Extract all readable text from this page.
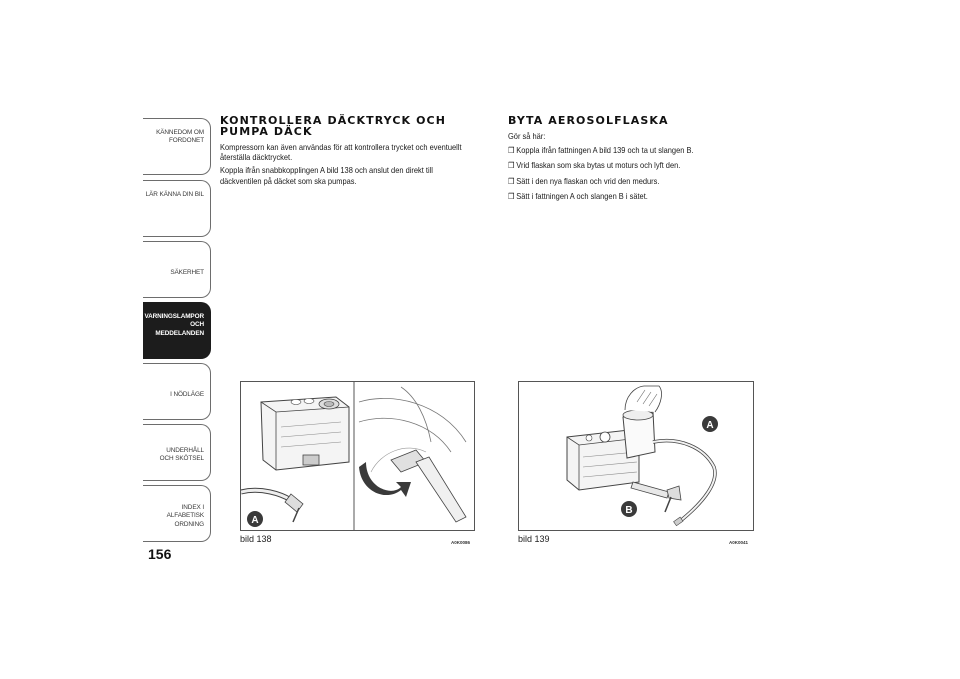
KÄNNEDOM OM FORDONET
LÄR KÄNNA DIN BIL
SÄKERHET
VARNINGSLAMPOR OCH MEDDELANDEN
I NÖDLÄGE
UNDERHÅLL OCH SKÖTSEL
INDEX I ALFABETISK ORDNING
156
KONTROLLERA DÄCKTRYCK OCH PUMPA DÄCK

Kompressorn kan även användas för att kontrollera trycket och eventuellt återställa däcktrycket.

Koppla ifrån snabbkopplingen A bild 138 och anslut den direkt till däckventilen på däcket som ska pumpas.

BYTA AEROSOLFLASKA

Gör så här:

❒ Koppla ifrån fattningen A bild 139 och ta ut slangen B.

❒ Vrid flaskan som ska bytas ut moturs och lyft den.

❒ Sätt i den nya flaskan och vrid den medurs.

❒ Sätt i fattningen A och slangen B i sätet.

A
bild 138	A0K0086
A
B
bild 139	A0K0041
